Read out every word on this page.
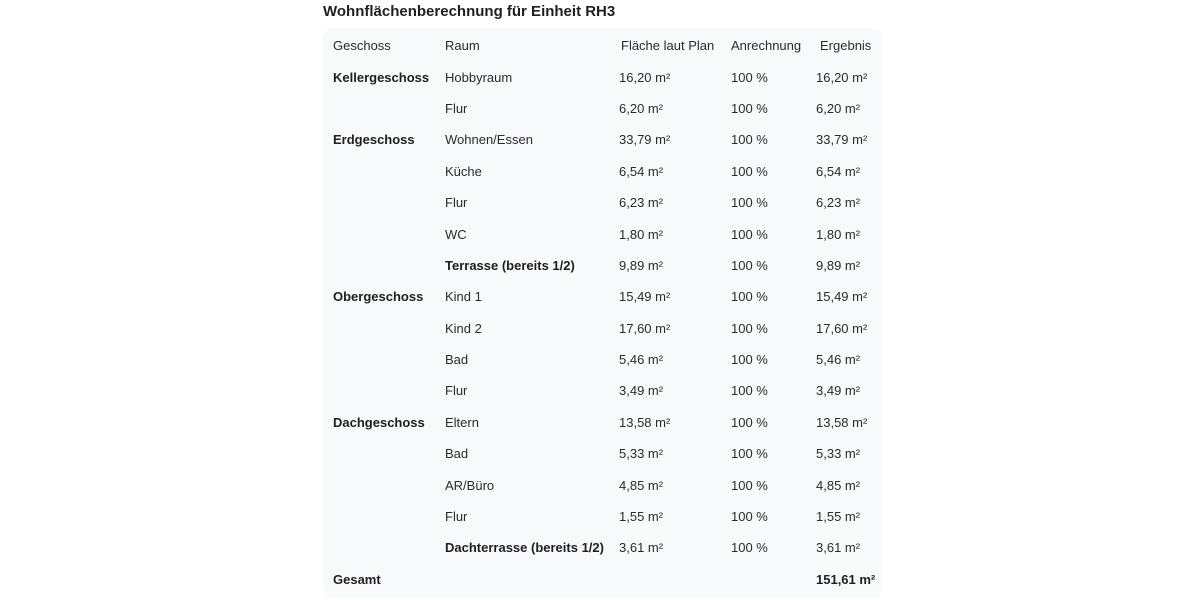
Wohnflächenberechnung für Einheit RH3
Geschoss	Raum	Fläche laut Plan	Anrechnung	Ergebnis
Kellergeschoss	Hobbyraum	16,20 m²	100 %	16,20 m²
	Flur	6,20 m²	100 %	6,20 m²
Erdgeschoss	Wohnen/Essen	33,79 m²	100 %	33,79 m²
	Küche	6,54 m²	100 %	6,54 m²
	Flur	6,23 m²	100 %	6,23 m²
	WC	1,80 m²	100 %	1,80 m²
	Terrasse (bereits 1/2)	9,89 m²	100 %	9,89 m²
Obergeschoss	Kind 1	15,49 m²	100 %	15,49 m²
	Kind 2	17,60 m²	100 %	17,60 m²
	Bad	5,46 m²	100 %	5,46 m²
	Flur	3,49 m²	100 %	3,49 m²
Dachgeschoss	Eltern	13,58 m²	100 %	13,58 m²
	Bad	5,33 m²	100 %	5,33 m²
	AR/Büro	4,85 m²	100 %	4,85 m²
	Flur	1,55 m²	100 %	1,55 m²
	Dachterrasse (bereits 1/2)	3,61 m²	100 %	3,61 m²
Gesamt				151,61 m²
